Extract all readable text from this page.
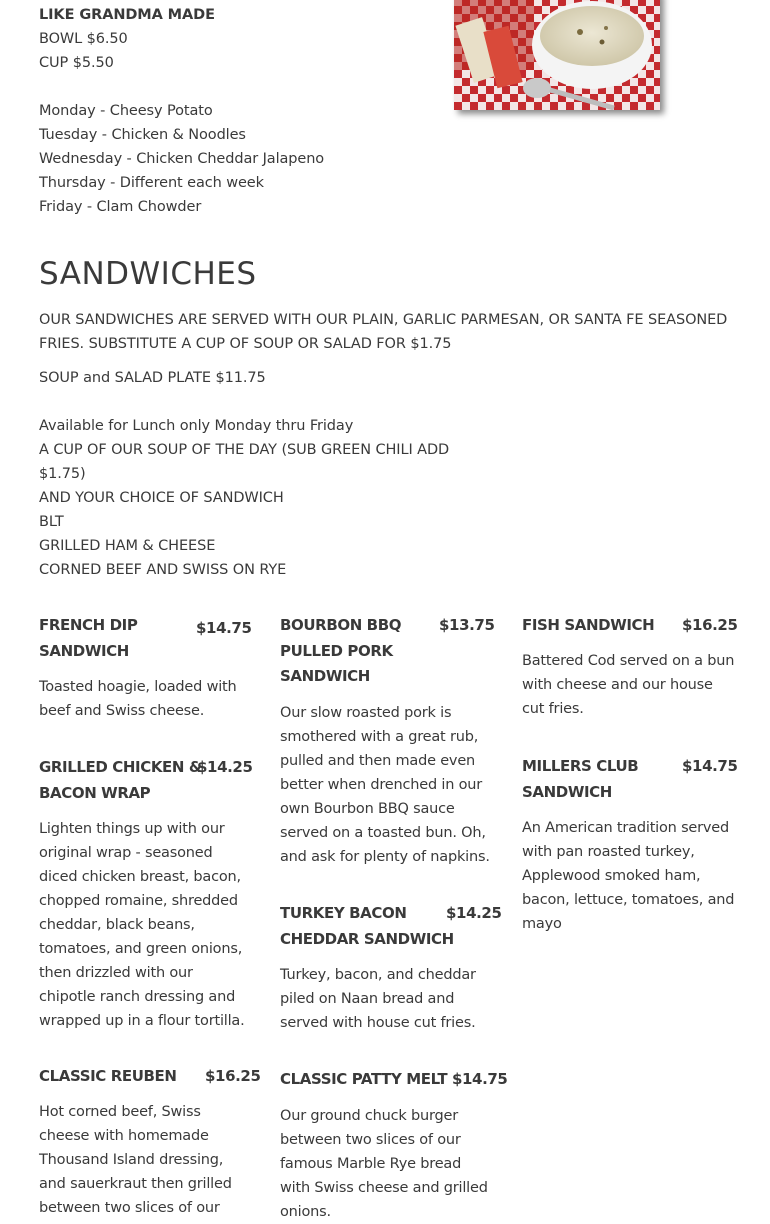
LIKE GRANDMA MADE
BOWL $6.50
CUP $5.50
Monday - Cheesy Potato
Tuesday - Chicken & Noodles
Wednesday - Chicken Cheddar Jalapeno
Thursday - Different each week
Friday - Clam Chowder
SANDWICHES
OUR SANDWICHES ARE SERVED WITH OUR PLAIN, GARLIC PARMESAN, OR SANTA FE SEASONED
FRIES. SUBSTITUTE A CUP OF SOUP OR SALAD FOR $1.75
SOUP and SALAD PLATE $11.75
Available for Lunch only Monday thru Friday
A CUP OF OUR SOUP OF THE DAY (SUB GREEN CHILI ADD
$1.75)
AND YOUR CHOICE OF SANDWICH
BLT
GRILLED HAM & CHEESE
CORNED BEEF AND SWISS ON RYE
FRENCH DIP
SANDWICH
$14.75
Toasted hoagie, loaded with
beef and Swiss cheese.
GRILLED CHICKEN &
BACON WRAP
$14.25
Lighten things up with our
original wrap - seasoned
diced chicken breast, bacon,
chopped romaine, shredded
cheddar, black beans,
tomatoes, and green onions,
then drizzled with our
chipotle ranch dressing and
wrapped up in a flour tortilla.
CLASSIC REUBEN $16.25
Hot corned beef, Swiss
cheese with homemade
Thousand Island dressing,
and sauerkraut then grilled
between two slices of our
BOURBON BBQ
PULLED PORK
SANDWICH
$13.75
Our slow roasted pork is
smothered with a great rub,
pulled and then made even
better when drenched in our
own Bourbon BBQ sauce
served on a toasted bun. Oh,
and ask for plenty of napkins.
TURKEY BACON
CHEDDAR SANDWICH
$14.25
Turkey, bacon, and cheddar
piled on Naan bread and
served with house cut fries.
CLASSIC PATTY MELT $14.75
Our ground chuck burger
between two slices of our
famous Marble Rye bread
with Swiss cheese and grilled
onions.
FISH SANDWICH $16.25
Battered Cod served on a bun
with cheese and our house
cut fries.
MILLERS CLUB
SANDWICH
$14.75
An American tradition served
with pan roasted turkey,
Applewood smoked ham,
bacon, lettuce, tomatoes, and
mayo
